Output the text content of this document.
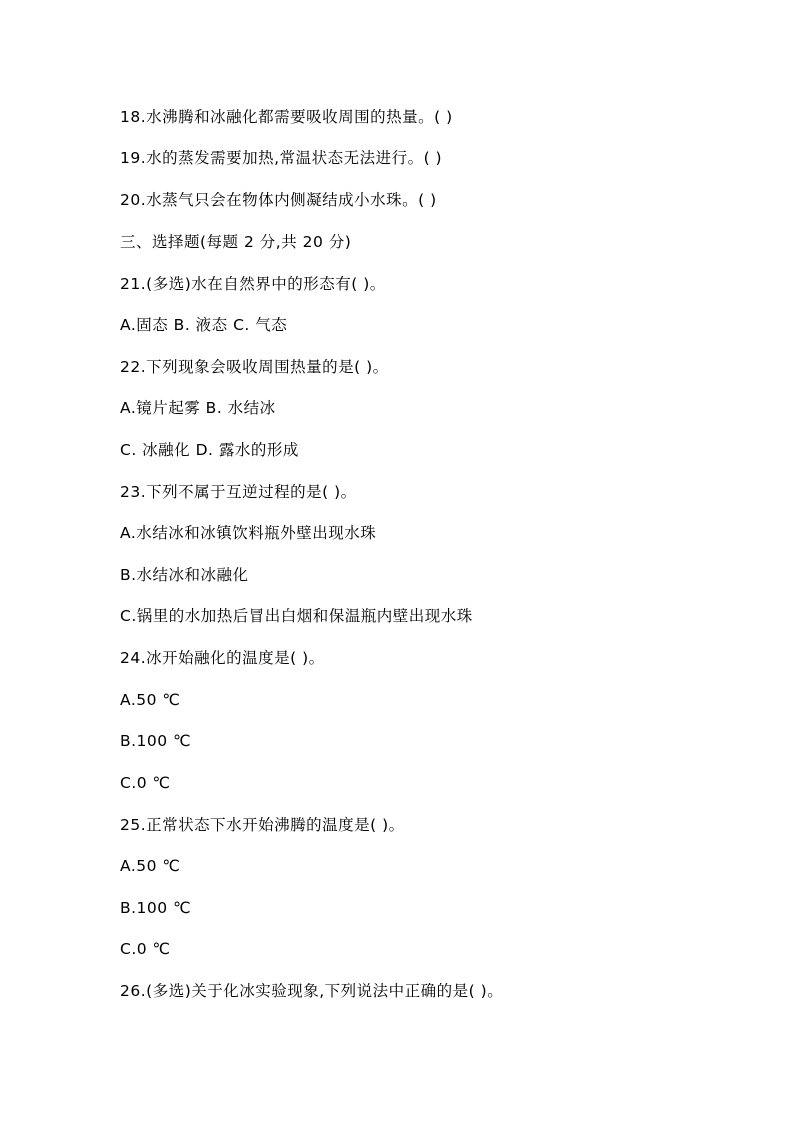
18.水沸腾和冰融化都需要吸收周围的热量。( )
19.水的蒸发需要加热,常温状态无法进行。( )
20.水蒸气只会在物体内侧凝结成小水珠。( )
三、选择题(每题 2 分,共 20 分)
21.(多选)水在自然界中的形态有( )。
A.固态 B. 液态 C. 气态
22.下列现象会吸收周围热量的是( )。
A.镜片起雾 B. 水结冰
C. 冰融化 D. 露水的形成
23.下列不属于互逆过程的是( )。
A.水结冰和冰镇饮料瓶外壁出现水珠
B.水结冰和冰融化
C.锅里的水加热后冒出白烟和保温瓶内壁出现水珠
24.冰开始融化的温度是( )。
A.50 ℃
B.100 ℃
C.0 ℃
25.正常状态下水开始沸腾的温度是( )。
A.50 ℃
B.100 ℃
C.0 ℃
26.(多选)关于化冰实验现象,下列说法中正确的是( )。
